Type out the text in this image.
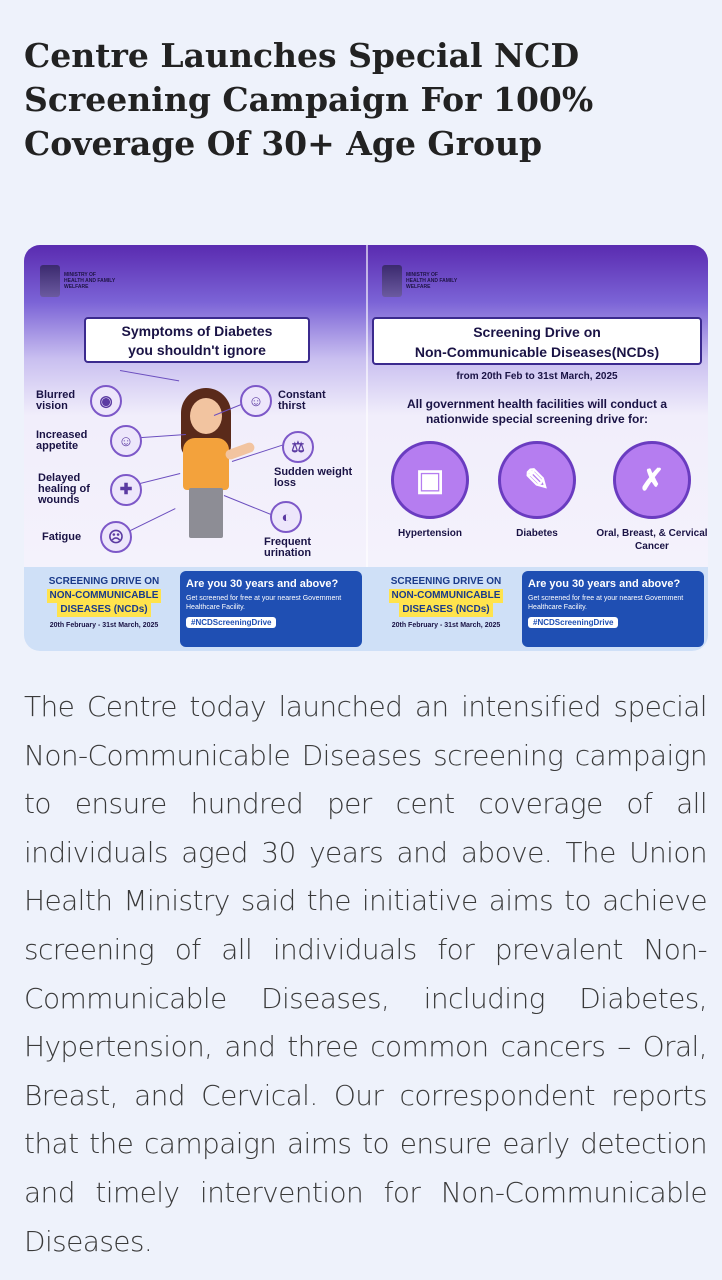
Centre Launches Special NCD Screening Campaign For 100% Coverage Of 30+ Age Group
MINISTRY OF HEALTH AND FAMILY WELFARE
Symptoms of Diabetes
you shouldn't ignore
Blurred vision	◉
Increased appetite	☺
Delayed healing of wounds
✚
Fatigue	☹
☺	Constant thirst
⚖
Sudden weight loss
◐
Frequent urination
SCREENING DRIVE ON
NON-COMMUNICABLE
DISEASES (NCDs)
20th February - 31st March, 2025
Are you 30 years and above?
Get screened for free at your nearest Government Healthcare Facility.
#NCDScreeningDrive
MINISTRY OF HEALTH AND FAMILY WELFARE
Screening Drive on
Non-Communicable Diseases(NCDs)
from 20th Feb to 31st March, 2025
All government health facilities will conduct a nationwide special screening drive for:
▣
Hypertension
✎
Diabetes
✗
Oral, Breast, & Cervical Cancer
SCREENING DRIVE ON
NON-COMMUNICABLE
DISEASES (NCDs)
20th February - 31st March, 2025
Are you 30 years and above?
Get screened for free at your nearest Government Healthcare Facility.
#NCDScreeningDrive

The Centre today launched an intensified special Non-Communicable Diseases screening campaign to ensure hundred per cent coverage of all individuals aged 30 years and above. The Union Health Ministry said the initiative aims to achieve screening of all individuals for prevalent Non-Communicable Diseases, including Diabetes, Hypertension, and three common cancers – Oral, Breast, and Cervical. Our correspondent reports that the campaign aims to ensure early detection and timely intervention for Non-Communicable Diseases.
